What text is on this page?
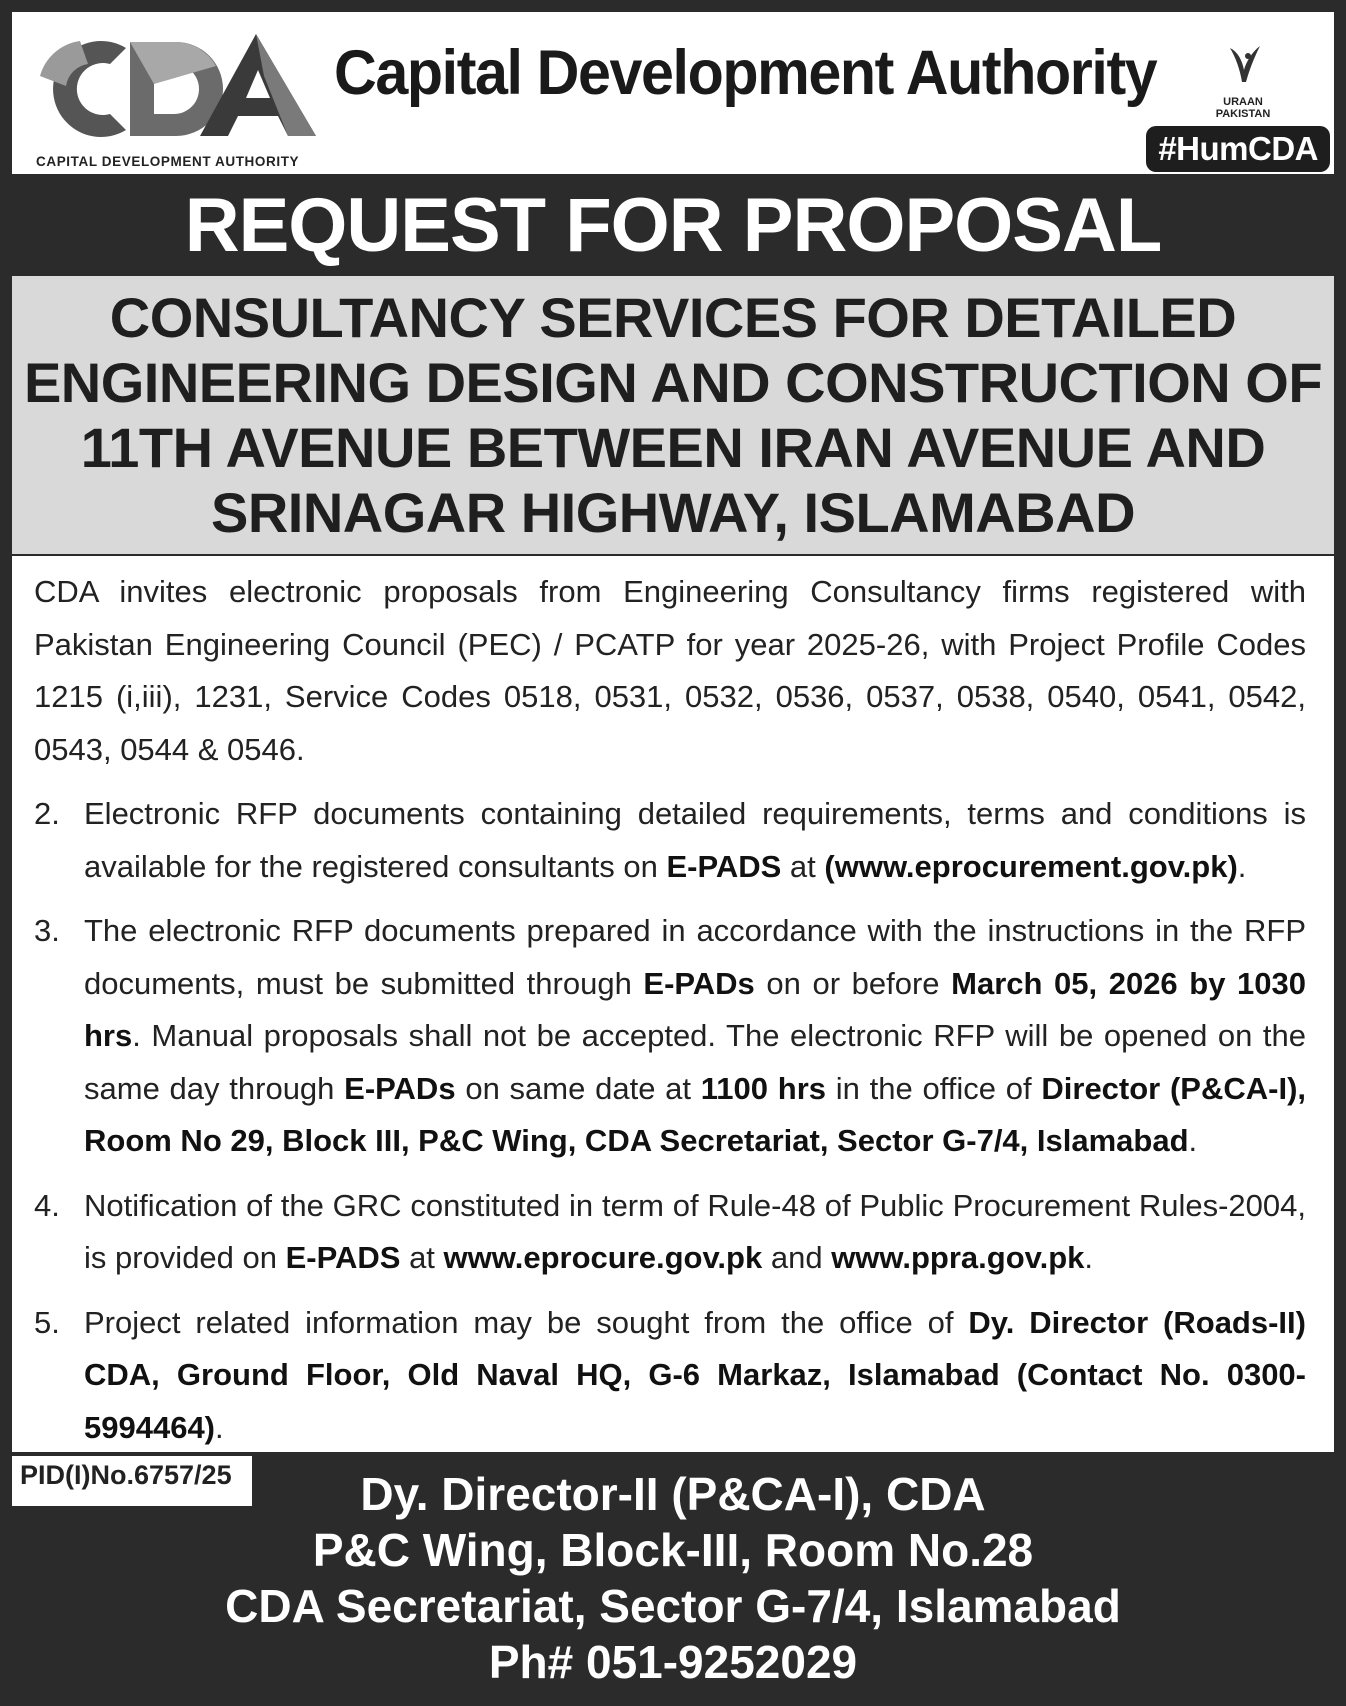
CAPITAL DEVELOPMENT AUTHORITY
Capital Development Authority	URAAN
PAKISTAN
#HumCDA
REQUEST FOR PROPOSAL
CONSULTANCY SERVICES FOR DETAILED
ENGINEERING DESIGN AND CONSTRUCTION OF
11TH AVENUE BETWEEN IRAN AVENUE AND
SRINAGAR HIGHWAY, ISLAMABAD

CDA invites electronic proposals from Engineering Consultancy firms registered with Pakistan Engineering Council (PEC) / PCATP for year 2025-26, with Project Profile Codes 1215 (i,iii), 1231, Service Codes 0518, 0531, 0532, 0536, 0537, 0538, 0540, 0541, 0542, 0543, 0544 & 0546.

2. Electronic RFP documents containing detailed requirements, terms and conditions is available for the registered consultants on E-PADS at (www.eprocurement.gov.pk).
3. The electronic RFP documents prepared in accordance with the instructions in the RFP documents, must be submitted through E-PADs on or before March 05, 2026 by 1030 hrs. Manual proposals shall not be accepted. The electronic RFP will be opened on the same day through E-PADs on same date at 1100 hrs in the office of Director (P&CA-I), Room No 29, Block III, P&C Wing, CDA Secretariat, Sector G-7/4, Islamabad.
4. Notification of the GRC constituted in term of Rule-48 of Public Procurement Rules-2004, is provided on E-PADS at www.eprocure.gov.pk and www.ppra.gov.pk.
5. Project related information may be sought from the office of Dy. Director (Roads-II) CDA, Ground Floor, Old Naval HQ, G-6 Markaz, Islamabad (Contact No. 0300-5994464).
PID(I)No.6757/25	Dy. Director-II (P&CA-I), CDA
P&C Wing, Block-III, Room No.28
CDA Secretariat, Sector G-7/4, Islamabad
Ph# 051-9252029
